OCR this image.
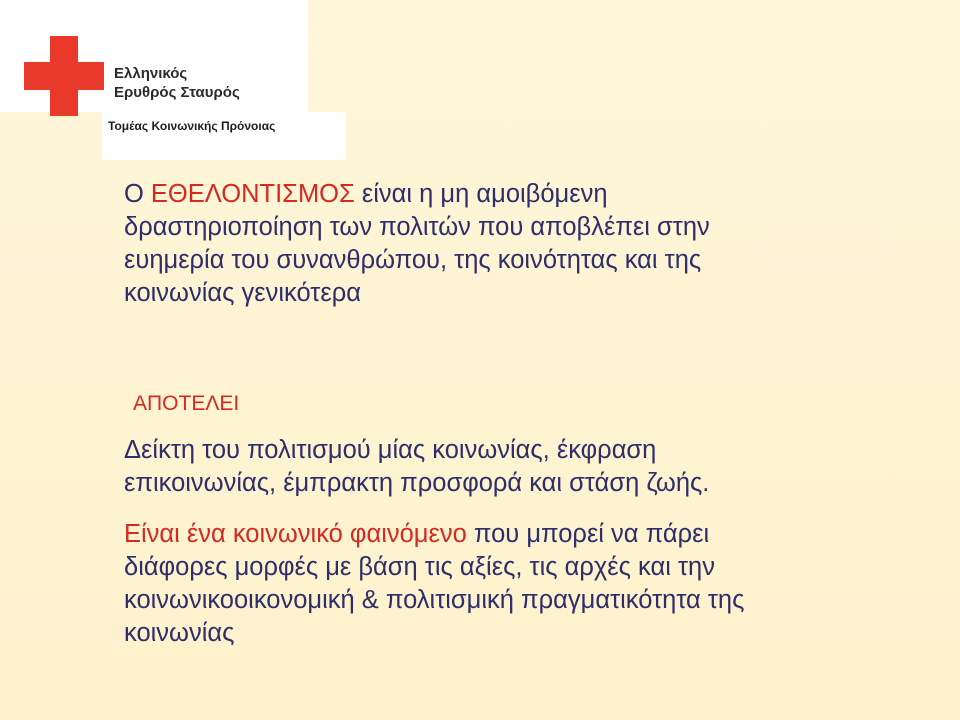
Ελληνικός
Ερυθρός Σταυρός
Τομέας Κοινωνικής Πρόνοιας

Ο ΕΘΕΛΟΝΤΙΣΜΟΣ είναι η μη αμοιβόμενη
δραστηριοποίηση των πολιτών που αποβλέπει στην
ευημερία του συνανθρώπου, της κοινότητας και της
κοινωνίας γενικότερα

ΑΠΟΤΕΛΕΙ

Δείκτη του πολιτισμού μίας κοινωνίας, έκφραση
επικοινωνίας, έμπρακτη προσφορά και στάση ζωής.

Είναι ένα κοινωνικό φαινόμενο που μπορεί να πάρει
διάφορες μορφές με βάση τις αξίες, τις αρχές και την
κοινωνικοοικονομική & πολιτισμική πραγματικότητα της
κοινωνίας
